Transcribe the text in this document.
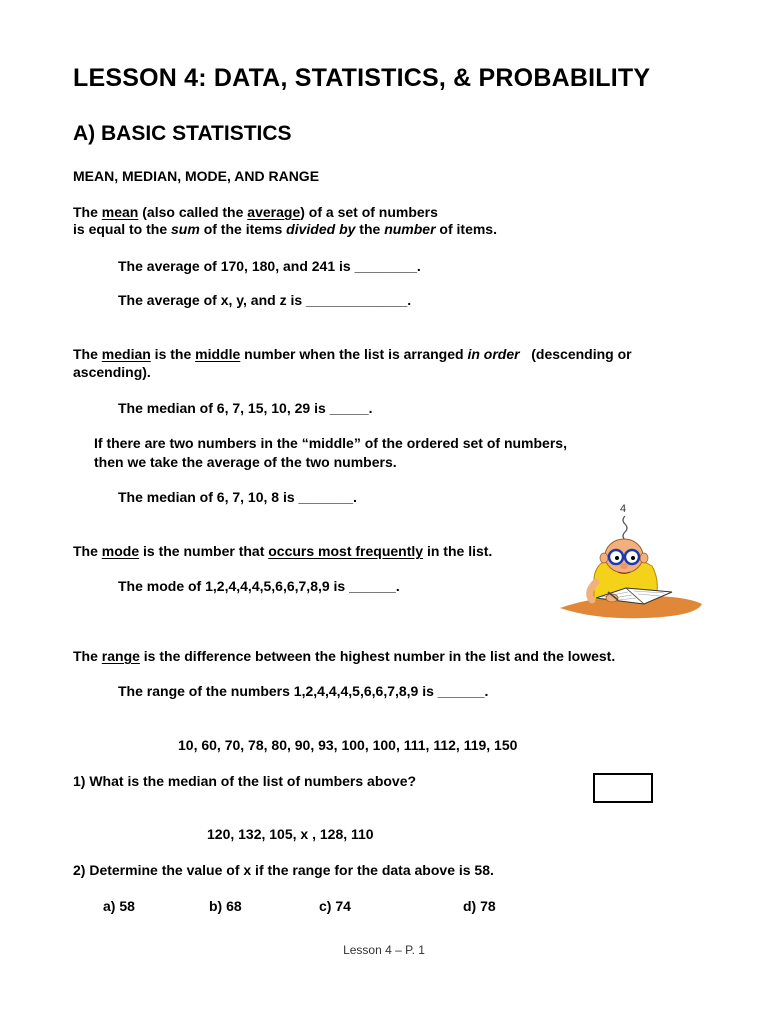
LESSON 4: DATA, STATISTICS, & PROBABILITY
A) BASIC STATISTICS
MEAN, MEDIAN, MODE, AND RANGE
The mean (also called the average) of a set of numbers
is equal to the sum of the items divided by the number of items.
The average of 170, 180, and 241 is ________.
The average of x, y, and z is _____________.
The median is the middle number when the list is arranged in order   (descending or
ascending).
The median of 6, 7, 15, 10, 29 is _____.
If there are two numbers in the “middle” of the ordered set of numbers,
then we take the average of the two numbers.
The median of 6, 7, 10, 8 is _______.
The mode is the number that occurs most frequently in the list.
The mode of 1,2,4,4,4,5,6,6,7,8,9 is ______.
4
The range is the difference between the highest number in the list and the lowest.
The range of the numbers 1,2,4,4,4,5,6,6,7,8,9 is ______.
10, 60, 70, 78, 80, 90, 93, 100, 100, 111, 112, 119, 150
1) What is the median of the list of numbers above?
120, 132, 105, x , 128, 110
2) Determine the value of x if the range for the data above is 58.
a) 58	b) 68	c) 74	d) 78
Lesson 4 – P. 1
